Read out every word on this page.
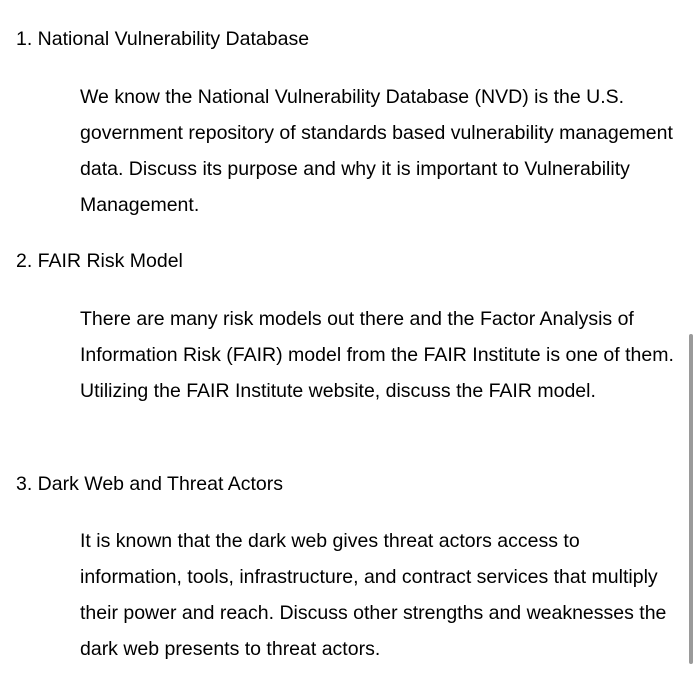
1. National Vulnerability Database

We know the National Vulnerability Database (NVD) is the U.S. government repository of standards based vulnerability management data. Discuss its purpose and why it is important to Vulnerability Management.

2. FAIR Risk Model

There are many risk models out there and the Factor Analysis of Information Risk (FAIR) model from the FAIR Institute is one of them. Utilizing the FAIR Institute website, discuss the FAIR model.

3. Dark Web and Threat Actors

It is known that the dark web gives threat actors access to information, tools, infrastructure, and contract services that multiply their power and reach. Discuss other strengths and weaknesses the dark web presents to threat actors.
